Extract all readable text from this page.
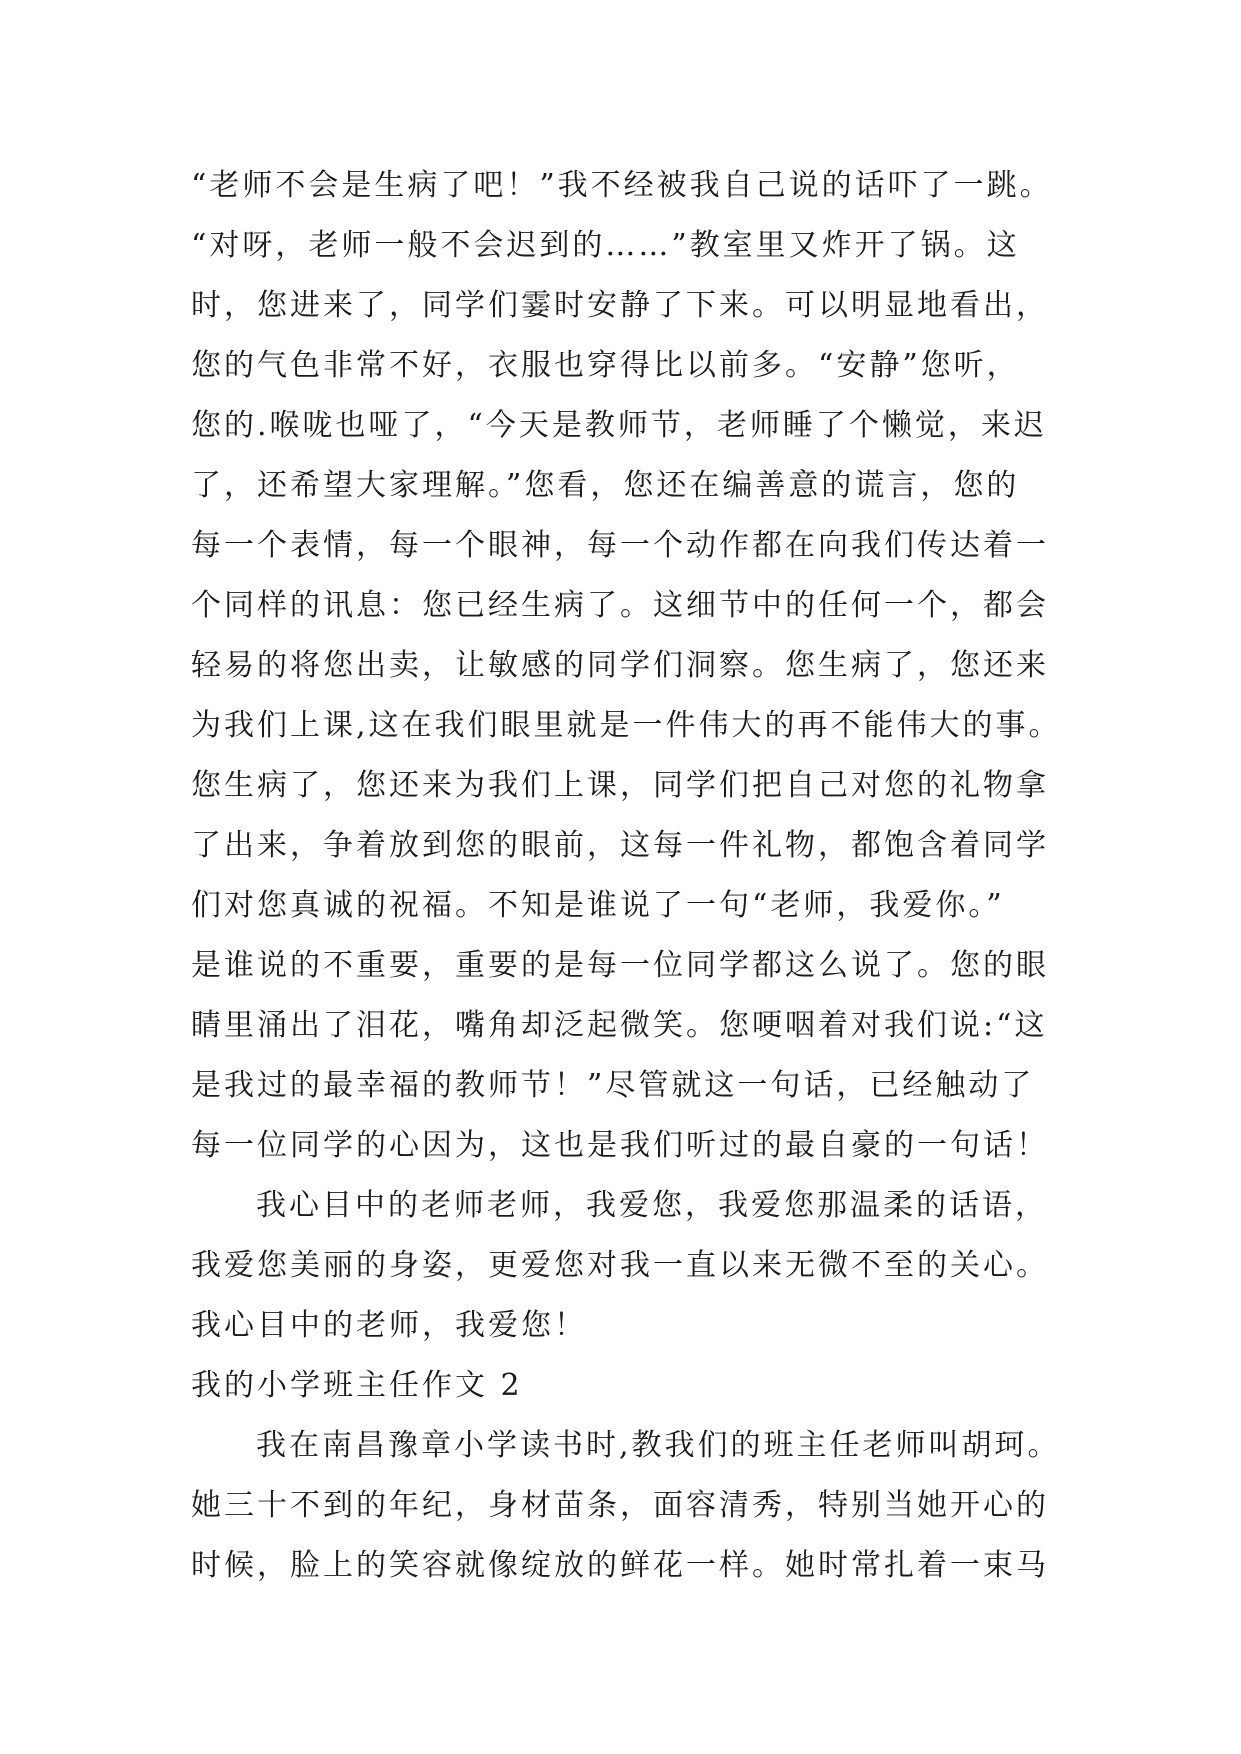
“老师不会是生病了吧！”我不经被我自己说的话吓了一跳。
“对呀，老师一般不会迟到的……”教室里又炸开了锅。这
时，您进来了，同学们霎时安静了下来。可以明显地看出，
您的气色非常不好，衣服也穿得比以前多。“安静”您听，
您的.喉咙也哑了，“今天是教师节，老师睡了个懒觉，来迟
了，还希望大家理解。”您看，您还在编善意的谎言，您的
每一个表情，每一个眼神，每一个动作都在向我们传达着一
个同样的讯息：您已经生病了。这细节中的任何一个，都会
轻易的将您出卖，让敏感的同学们洞察。您生病了，您还来
为我们上课,这在我们眼里就是一件伟大的再不能伟大的事。
您生病了，您还来为我们上课，同学们把自己对您的礼物拿
了出来，争着放到您的眼前，这每一件礼物，都饱含着同学
们对您真诚的祝福。不知是谁说了一句“老师，我爱你。”
是谁说的不重要，重要的是每一位同学都这么说了。您的眼
睛里涌出了泪花，嘴角却泛起微笑。您哽咽着对我们说:“这
是我过的最幸福的教师节！”尽管就这一句话，已经触动了
每一位同学的心因为，这也是我们听过的最自豪的一句话！
我心目中的老师老师，我爱您，我爱您那温柔的话语，
我爱您美丽的身姿，更爱您对我一直以来无微不至的关心。
我心目中的老师，我爱您！
我的小学班主任作文 2
我在南昌豫章小学读书时,教我们的班主任老师叫胡珂。
她三十不到的年纪，身材苗条，面容清秀，特别当她开心的
时候，脸上的笑容就像绽放的鲜花一样。她时常扎着一束马
